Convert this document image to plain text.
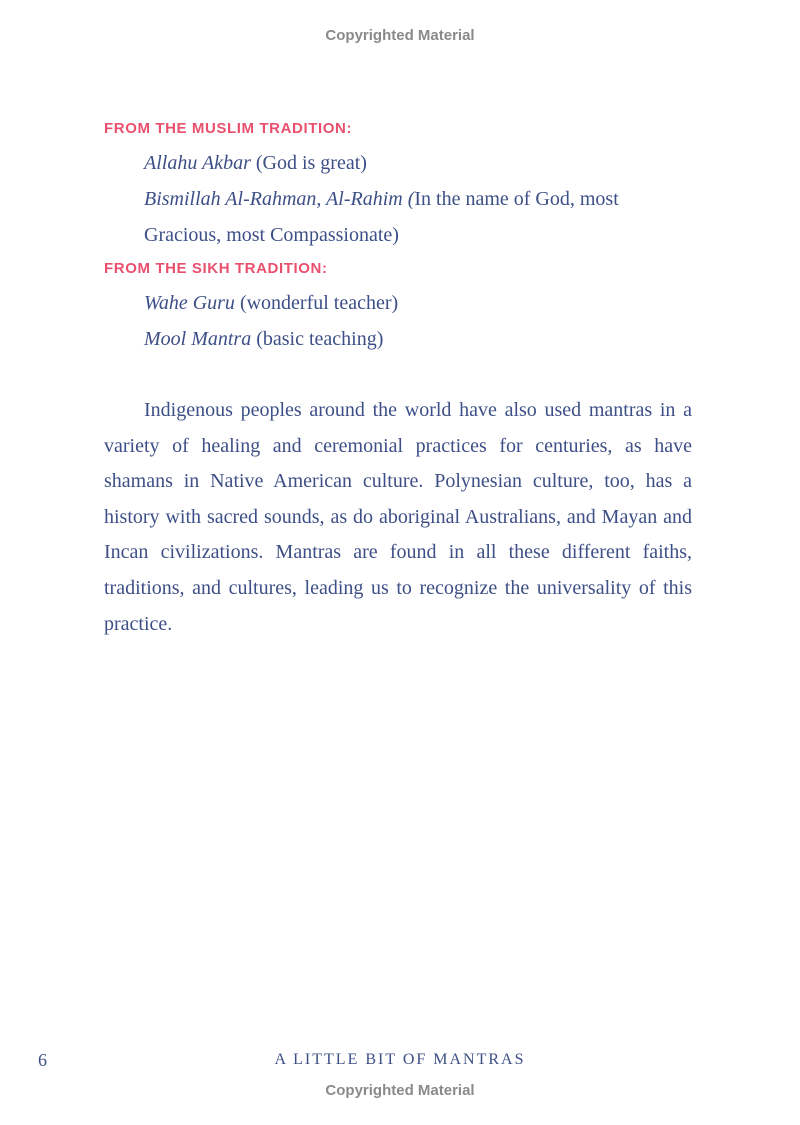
Copyrighted Material
FROM THE MUSLIM TRADITION:
Allahu Akbar (God is great)
Bismillah Al-Rahman, Al-Rahim (In the name of God, most Gracious, most Compassionate)
FROM THE SIKH TRADITION:
Wahe Guru (wonderful teacher)
Mool Mantra (basic teaching)

Indigenous peoples around the world have also used mantras in a variety of healing and ceremonial practices for centuries, as have shamans in Native American culture. Polynesian culture, too, has a history with sacred sounds, as do aboriginal Australians, and Mayan and Incan civilizations. Mantras are found in all these different faiths, traditions, and cultures, leading us to recognize the universality of this practice.

6	A LITTLE BIT OF MANTRAS
Copyrighted Material
